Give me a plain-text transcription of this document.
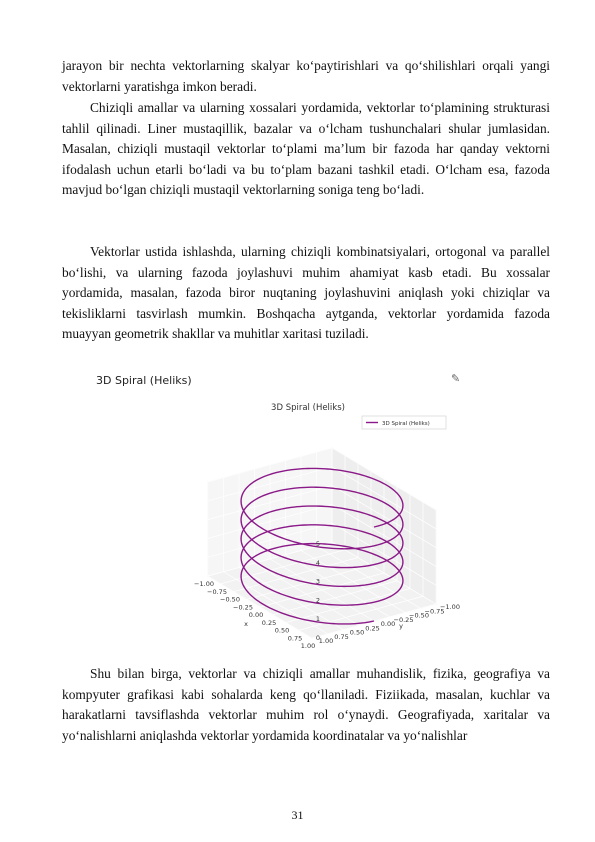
jarayon bir nechta vektorlarning skalyar ko‘paytirishlari va qo‘shilishlari orqali yangi vektorlarni yaratishga imkon beradi.

Chiziqli amallar va ularning xossalari yordamida, vektorlar to‘plamining strukturasi tahlil qilinadi. Liner mustaqillik, bazalar va o‘lcham tushunchalari shular jumlasidan. Masalan, chiziqli mustaqil vektorlar to‘plami ma’lum bir fazoda har qanday vektorni ifodalash uchun etarli bo‘ladi va bu to‘plam bazani tashkil etadi. O‘lcham esa, fazoda mavjud bo‘lgan chiziqli mustaqil vektorlarning soniga teng bo‘ladi.

Vektorlar ustida ishlashda, ularning chiziqli kombinatsiyalari, ortogonal va parallel bo‘lishi, va ularning fazoda joylashuvi muhim ahamiyat kasb etadi. Bu xossalar yordamida, masalan, fazoda biror nuqtaning joylashuvini aniqlash yoki chiziqlar va tekisliklarni tasvirlash mumkin. Boshqacha aytganda, vektorlar yordamida fazoda muayyan geometrik shakllar va muhitlar xaritasi tuziladi.

3D Spiral (Heliks)	✎
−1.00
−0.75
−0.50
−0.25
0.00
0.25
0.50
0.75
1.00
−1.00
−0.75
−0.50
−0.25
0.00
0.25
0.50
0.75
1.00
0
1
2
3
4
5
x	y
3D Spiral (Heliks)
3D Spiral (Heliks)

Shu bilan birga, vektorlar va chiziqli amallar muhandislik, fizika, geografiya va kompyuter grafikasi kabi sohalarda keng qo‘llaniladi. Fiziikada, masalan, kuchlar va harakatlarni tavsiflashda vektorlar muhim rol o‘ynaydi. Geografiyada, xaritalar va yo‘nalishlarni aniqlashda vektorlar yordamida koordinatalar va yo‘nalishlar

31
